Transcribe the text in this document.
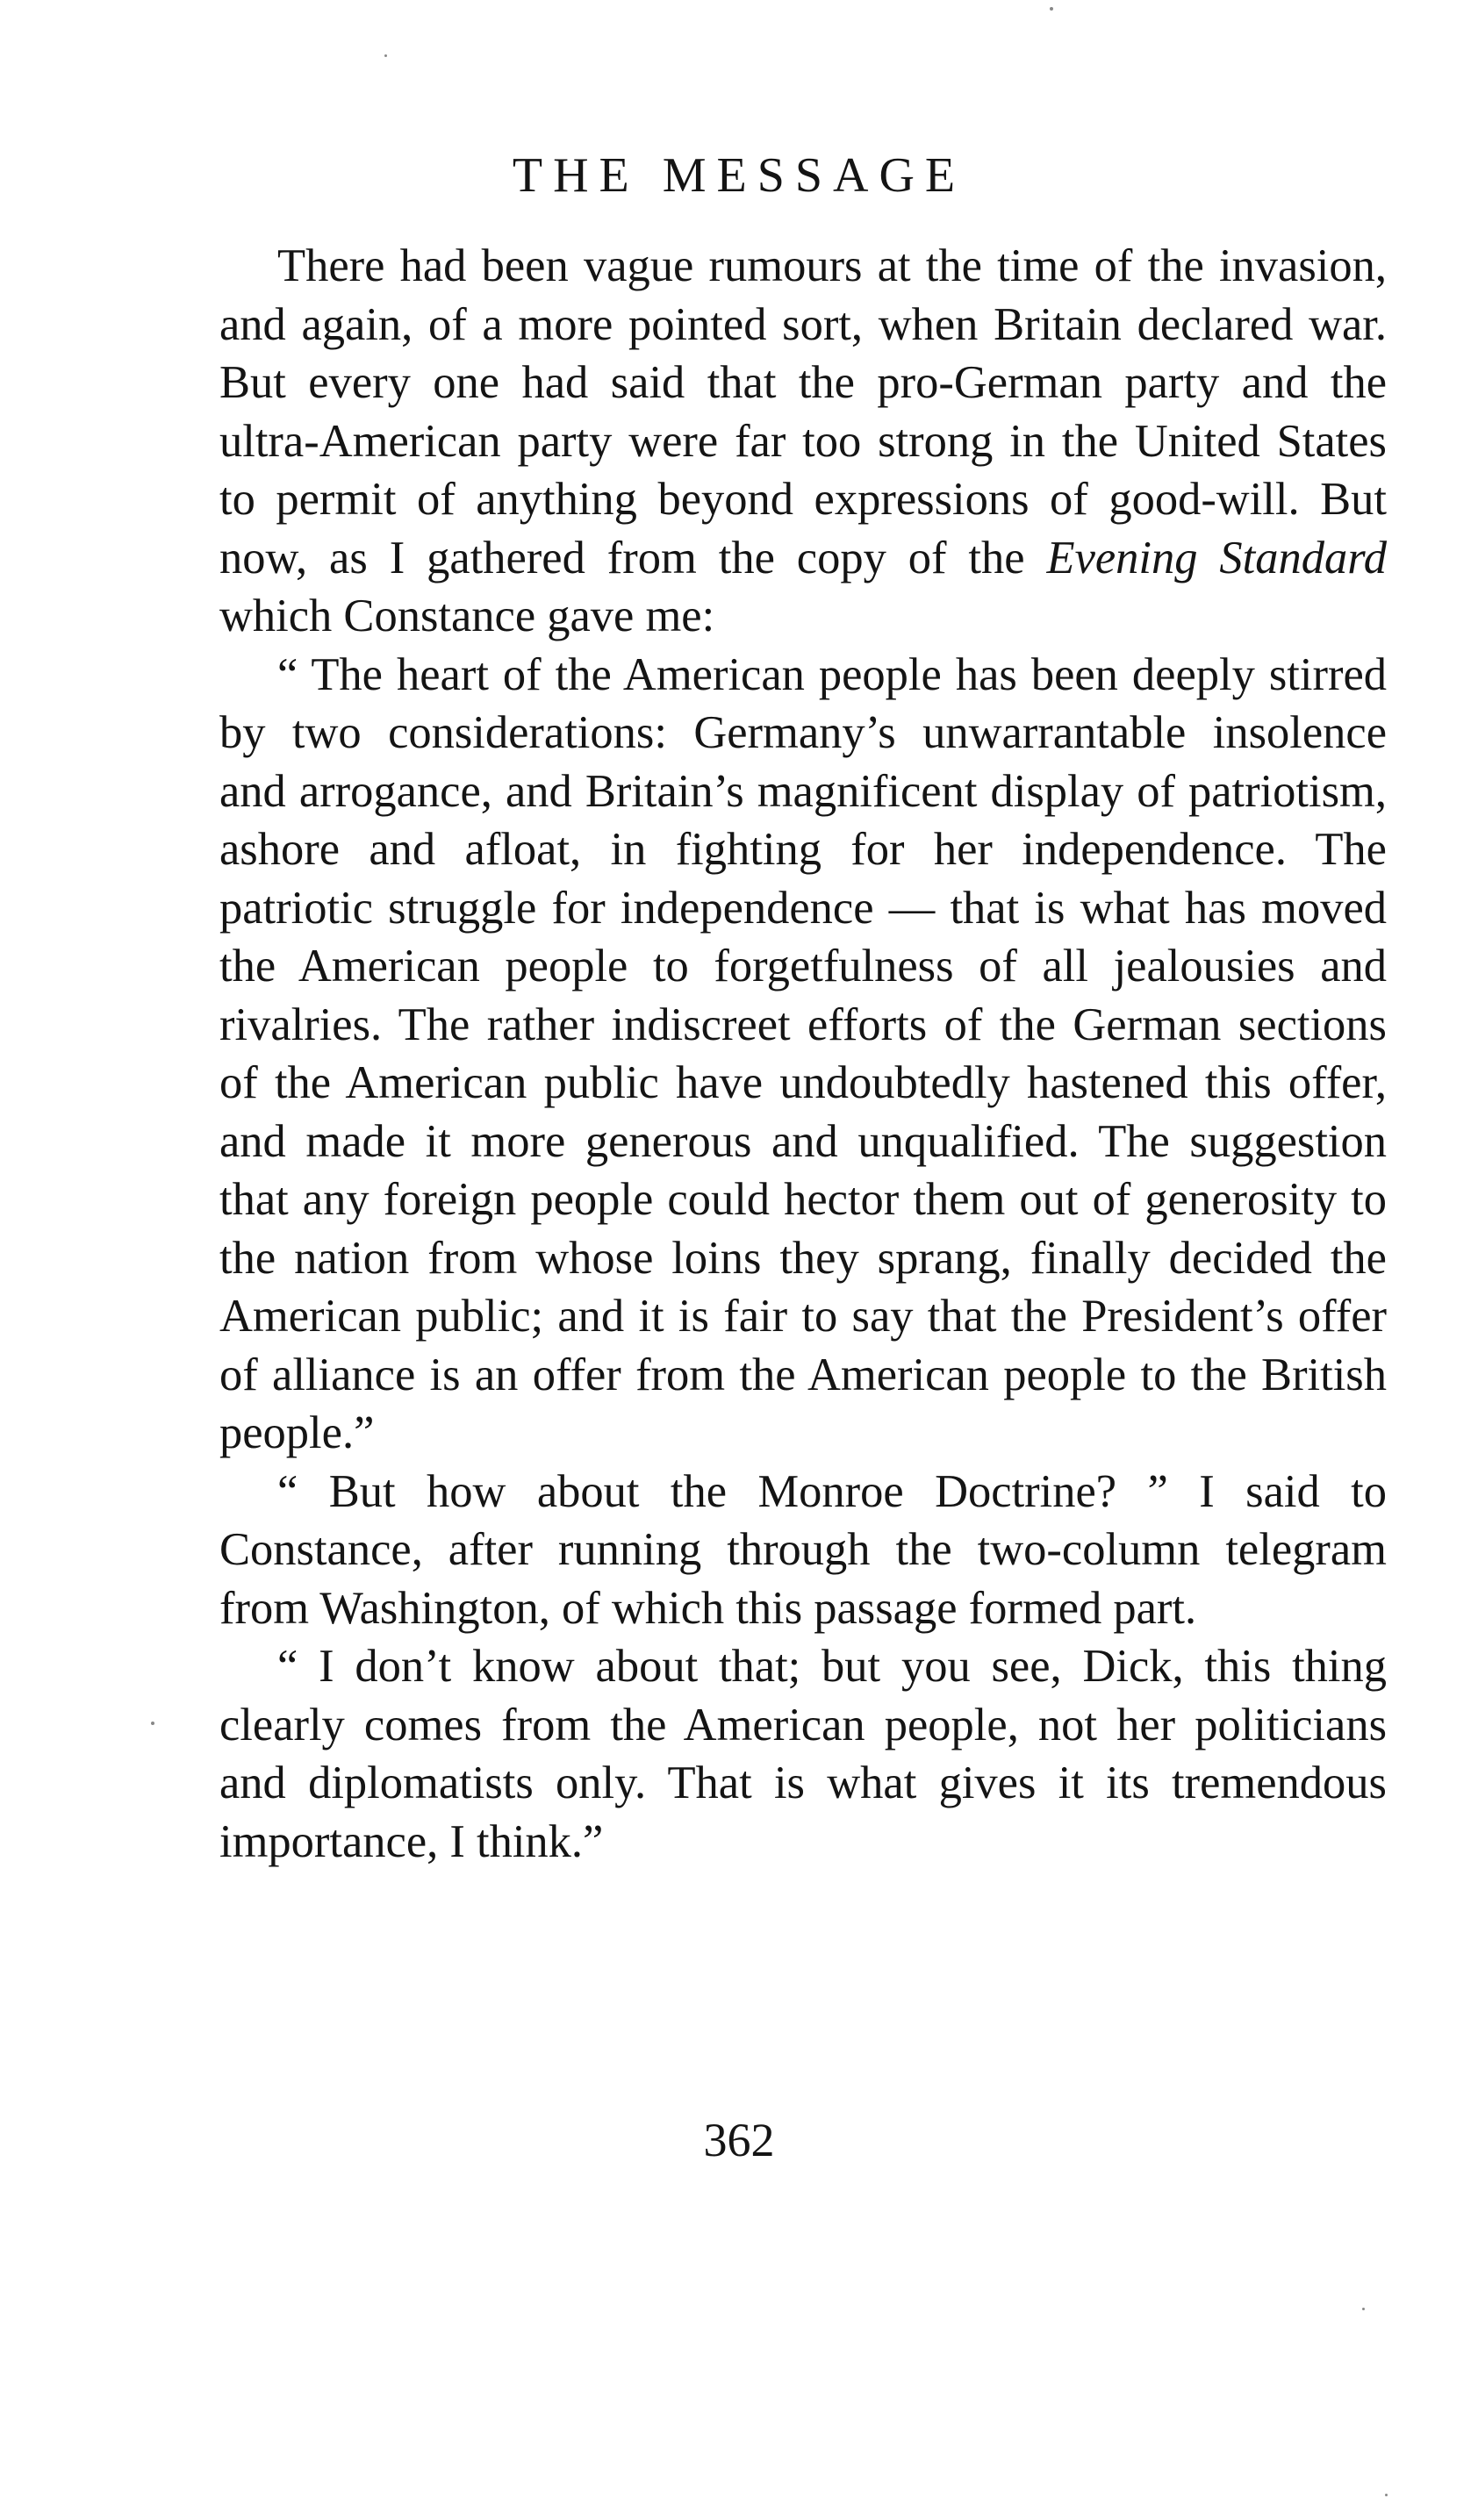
THE MESSAGE

There had been vague rumours at the time of the invasion, and again, of a more pointed sort, when Britain declared war. But every one had said that the pro-German party and the ultra-American party were far too strong in the United States to permit of anything beyond expressions of good-will. But now, as I gathered from the copy of the Evening Standard which Constance gave me:

“ The heart of the American people has been deeply stirred by two considerations: Germany’s unwarrantable insolence and arrogance, and Britain’s magnificent display of patriotism, ashore and afloat, in fighting for her independence. The patriotic struggle for independence — that is what has moved the American people to forgetfulness of all jealousies and rivalries. The rather indiscreet efforts of the German sections of the American public have undoubtedly hastened this offer, and made it more generous and unqualified. The suggestion that any foreign people could hector them out of generosity to the nation from whose loins they sprang, finally decided the American public; and it is fair to say that the President’s offer of alliance is an offer from the American people to the British people.”

“ But how about the Monroe Doctrine? ” I said to Constance, after running through the two-column telegram from Washington, of which this passage formed part.

“ I don’t know about that; but you see, Dick, this thing clearly comes from the American people, not her politicians and diplomatists only. That is what gives it its tremendous importance, I think.”

362
